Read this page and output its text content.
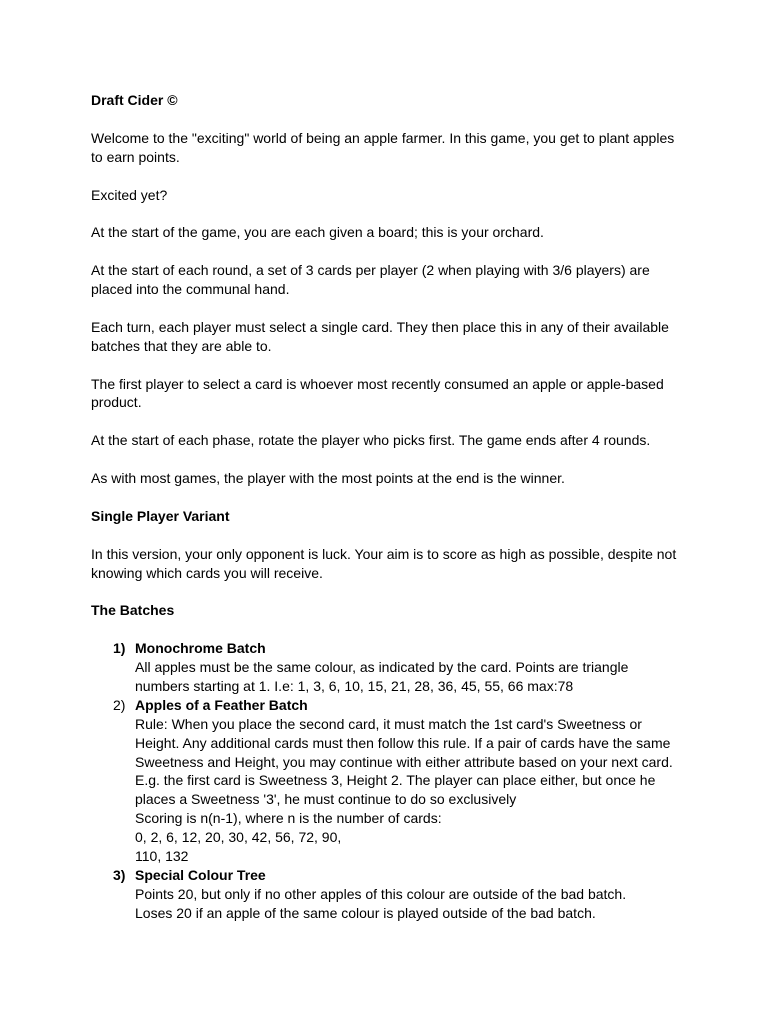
Draft Cider ©

Welcome to the "exciting" world of being an apple farmer. In this game, you get to plant apples to earn points.

Excited yet?

At the start of the game, you are each given a board; this is your orchard.

At the start of each round, a set of 3 cards per player (2 when playing with 3/6 players) are placed into the communal hand.

Each turn, each player must select a single card. They then place this in any of their available batches that they are able to.

The first player to select a card is whoever most recently consumed an apple or apple-based product.

At the start of each phase, rotate the player who picks first. The game ends after 4 rounds.

As with most games, the player with the most points at the end is the winner.

Single Player Variant

In this version, your only opponent is luck. Your aim is to score as high as possible, despite not knowing which cards you will receive.

The Batches

1) Monochrome Batch
All apples must be the same colour, as indicated by the card. Points are triangle numbers starting at 1. I.e: 1, 3, 6, 10, 15, 21, 28, 36, 45, 55, 66 max:78
2) Apples of a Feather Batch
Rule: When you place the second card, it must match the 1st card's Sweetness or Height. Any additional cards must then follow this rule. If a pair of cards have the same Sweetness and Height, you may continue with either attribute based on your next card. E.g. the first card is Sweetness 3, Height 2. The player can place either, but once he places a Sweetness '3', he must continue to do so exclusively
Scoring is n(n-1), where n is the number of cards:
0, 2, 6, 12, 20, 30, 42, 56, 72, 90,
110, 132
3) Special Colour Tree
Points 20, but only if no other apples of this colour are outside of the bad batch.
Loses 20 if an apple of the same colour is played outside of the bad batch.
